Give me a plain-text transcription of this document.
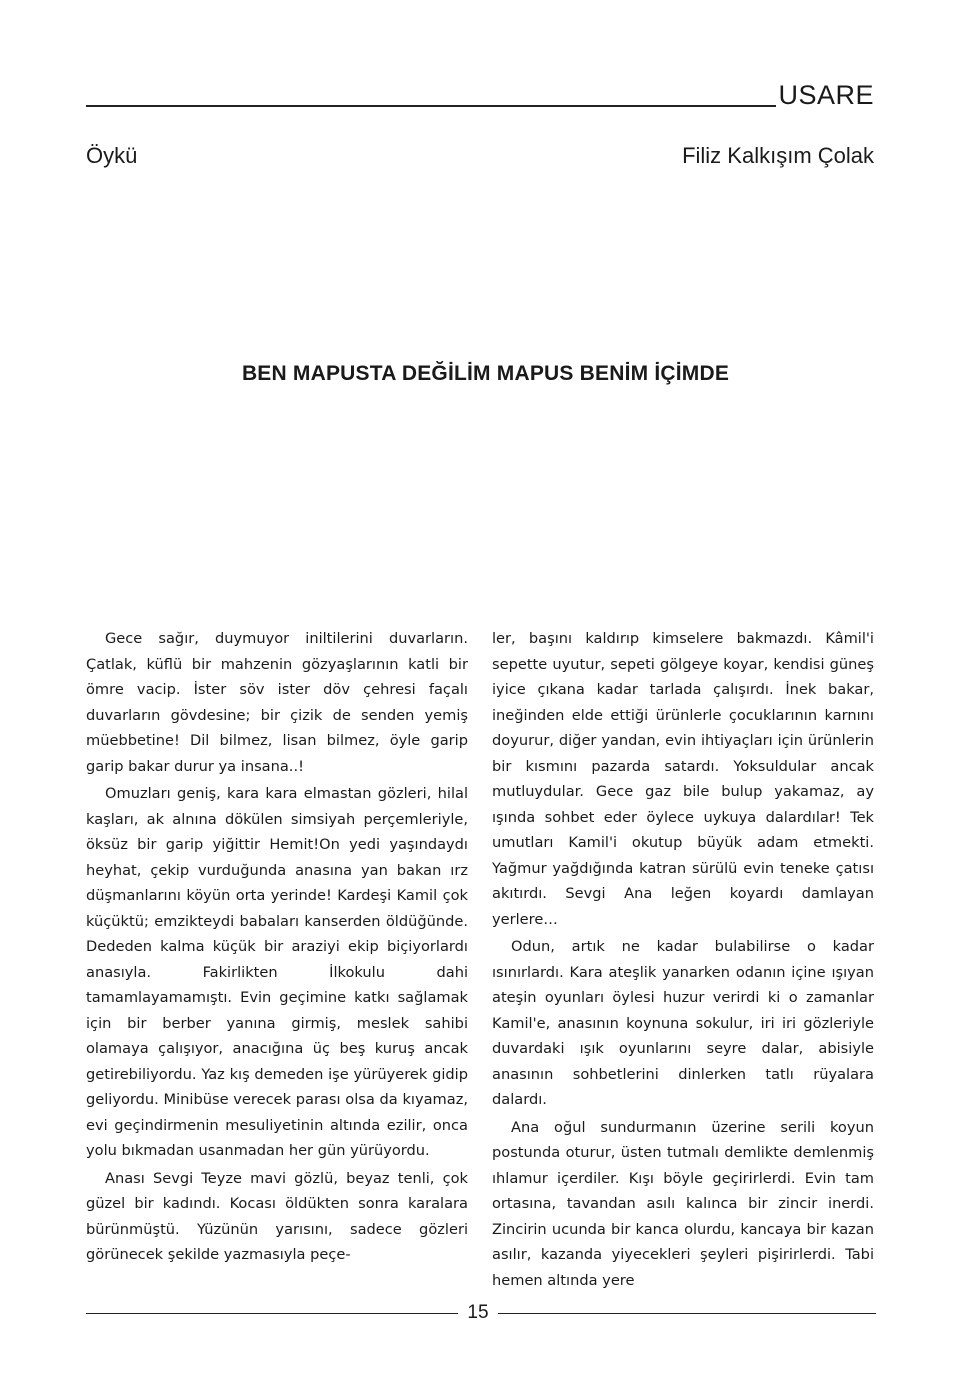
USARE
Öykü	Filiz Kalkışım Çolak
BEN MAPUSTA DEĞİLİM MAPUS BENİM İÇİMDE

Gece sağır, duymuyor iniltilerini duvarların. Çatlak, küflü bir mahzenin gözyaşlarının katli bir ömre vacip. İster söv ister döv çehresi façalı duvarların gövdesine; bir çizik de senden yemiş müebbetine! Dil bilmez, lisan bilmez, öyle garip garip bakar durur ya insana..!

Omuzları geniş, kara kara elmastan gözleri, hilal kaşları, ak alnına dökülen simsiyah perçemleriyle, öksüz bir garip yiğittir Hemit!On yedi yaşındaydı heyhat, çekip vurduğunda anasına yan bakan ırz düşmanlarını köyün orta yerinde! Kardeşi Kamil çok küçüktü; emzikteydi babaları kanserden öldüğünde. Dededen kalma küçük bir araziyi ekip biçiyorlardı anasıyla. Fakirlikten İlkokulu dahi tamamlayamamıştı. Evin geçimine katkı sağlamak için bir berber yanına girmiş, meslek sahibi olamaya çalışıyor, anacığına üç beş kuruş ancak getirebiliyordu. Yaz kış demeden işe yürüyerek gidip geliyordu. Minibüse verecek parası olsa da kıyamaz, evi geçindirmenin mesuliyetinin altında ezilir, onca yolu bıkmadan usanmadan her gün yürüyordu.

Anası Sevgi Teyze mavi gözlü, beyaz tenli, çok güzel bir kadındı. Kocası öldükten sonra karalara bürünmüştü. Yüzünün yarısını, sadece gözleri görünecek şekilde yazmasıyla peçe-

ler, başını kaldırıp kimselere bakmazdı. Kâmil'i sepette uyutur, sepeti gölgeye koyar, kendisi güneş iyice çıkana kadar tarlada çalışırdı. İnek bakar, ineğinden elde ettiği ürünlerle çocuklarının karnını doyurur, diğer yandan, evin ihtiyaçları için ürünlerin bir kısmını pazarda satardı. Yoksuldular ancak mutluydular. Gece gaz bile bulup yakamaz, ay ışında sohbet eder öylece uykuya dalardılar! Tek umutları Kamil'i okutup büyük adam etmekti. Yağmur yağdığında katran sürülü evin teneke çatısı akıtırdı. Sevgi Ana leğen koyardı damlayan yerlere…

Odun, artık ne kadar bulabilirse o kadar ısınırlardı. Kara ateşlik yanarken odanın içine ışıyan ateşin oyunları öylesi huzur verirdi ki o zamanlar Kamil'e, anasının koynuna sokulur, iri iri gözleriyle duvardaki ışık oyunlarını seyre dalar, abisiyle anasının sohbetlerini dinlerken tatlı rüyalara dalardı.

Ana oğul sundurmanın üzerine serili koyun postunda oturur, üsten tutmalı demlikte demlenmiş ıhlamur içerdiler. Kışı böyle geçirirlerdi. Evin tam ortasına, tavandan asılı kalınca bir zincir inerdi. Zincirin ucunda bir kanca olurdu, kancaya bir kazan asılır, kazanda yiyecekleri şeyleri pişirirlerdi. Tabi hemen altında yere

15
